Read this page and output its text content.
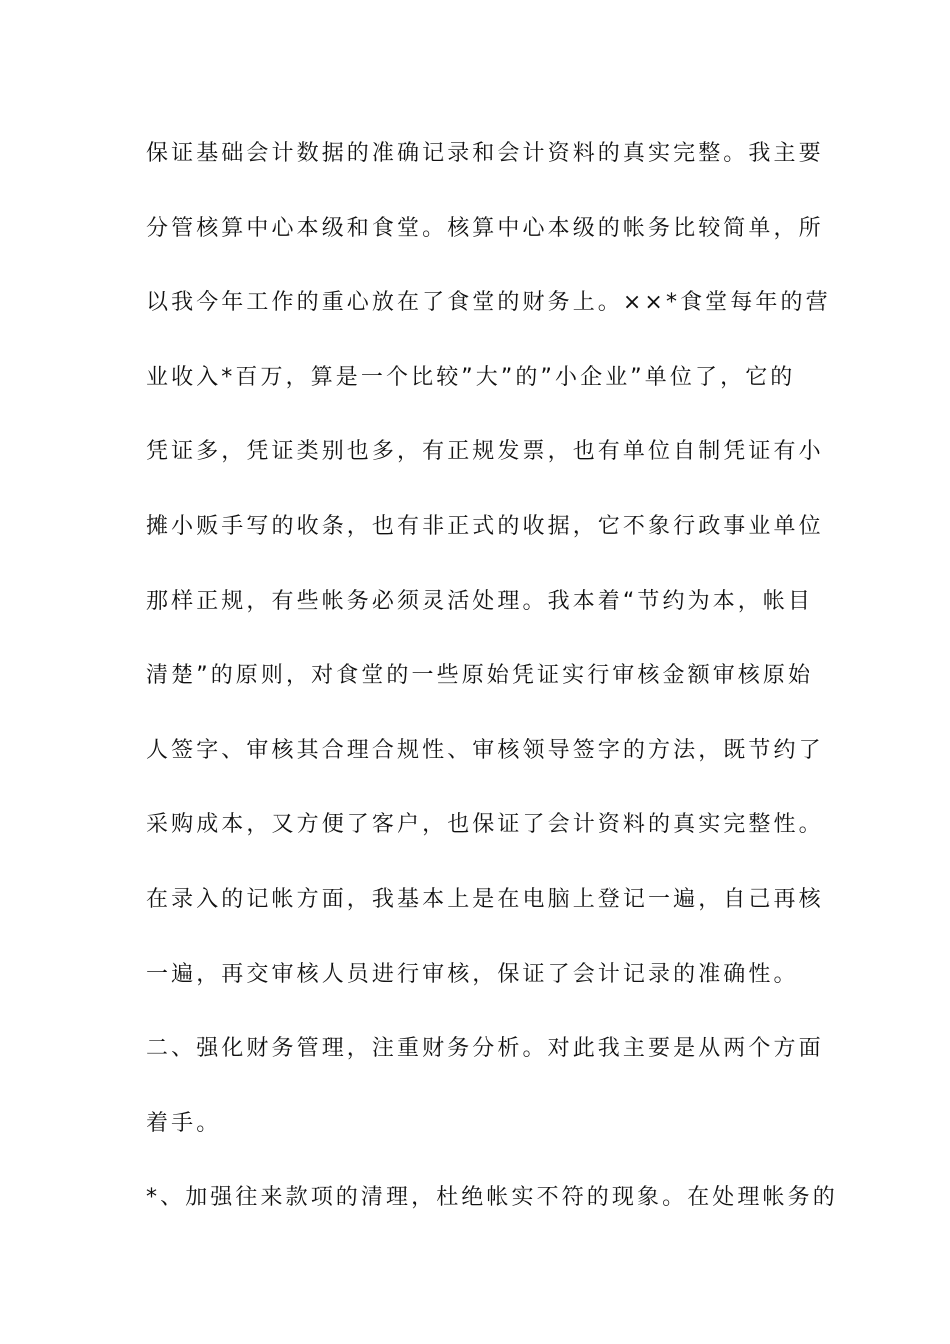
保证基础会计数据的准确记录和会计资料的真实完整。我主要
分管核算中心本级和食堂。核算中心本级的帐务比较简单，所
以我今年工作的重心放在了食堂的财务上。××*食堂每年的营
业收入*百万，算是一个比较”大”的”小企业”单位了，它的
凭证多，凭证类别也多，有正规发票，也有单位自制凭证有小
摊小贩手写的收条，也有非正式的收据，它不象行政事业单位
那样正规，有些帐务必须灵活处理。我本着“节约为本，帐目
清楚”的原则，对食堂的一些原始凭证实行审核金额审核原始
人签字、审核其合理合规性、审核领导签字的方法，既节约了
采购成本，又方便了客户，也保证了会计资料的真实完整性。
在录入的记帐方面，我基本上是在电脑上登记一遍，自己再核
一遍，再交审核人员进行审核，保证了会计记录的准确性。
二、强化财务管理，注重财务分析。对此我主要是从两个方面
着手。
*、加强往来款项的清理，杜绝帐实不符的现象。在处理帐务的
